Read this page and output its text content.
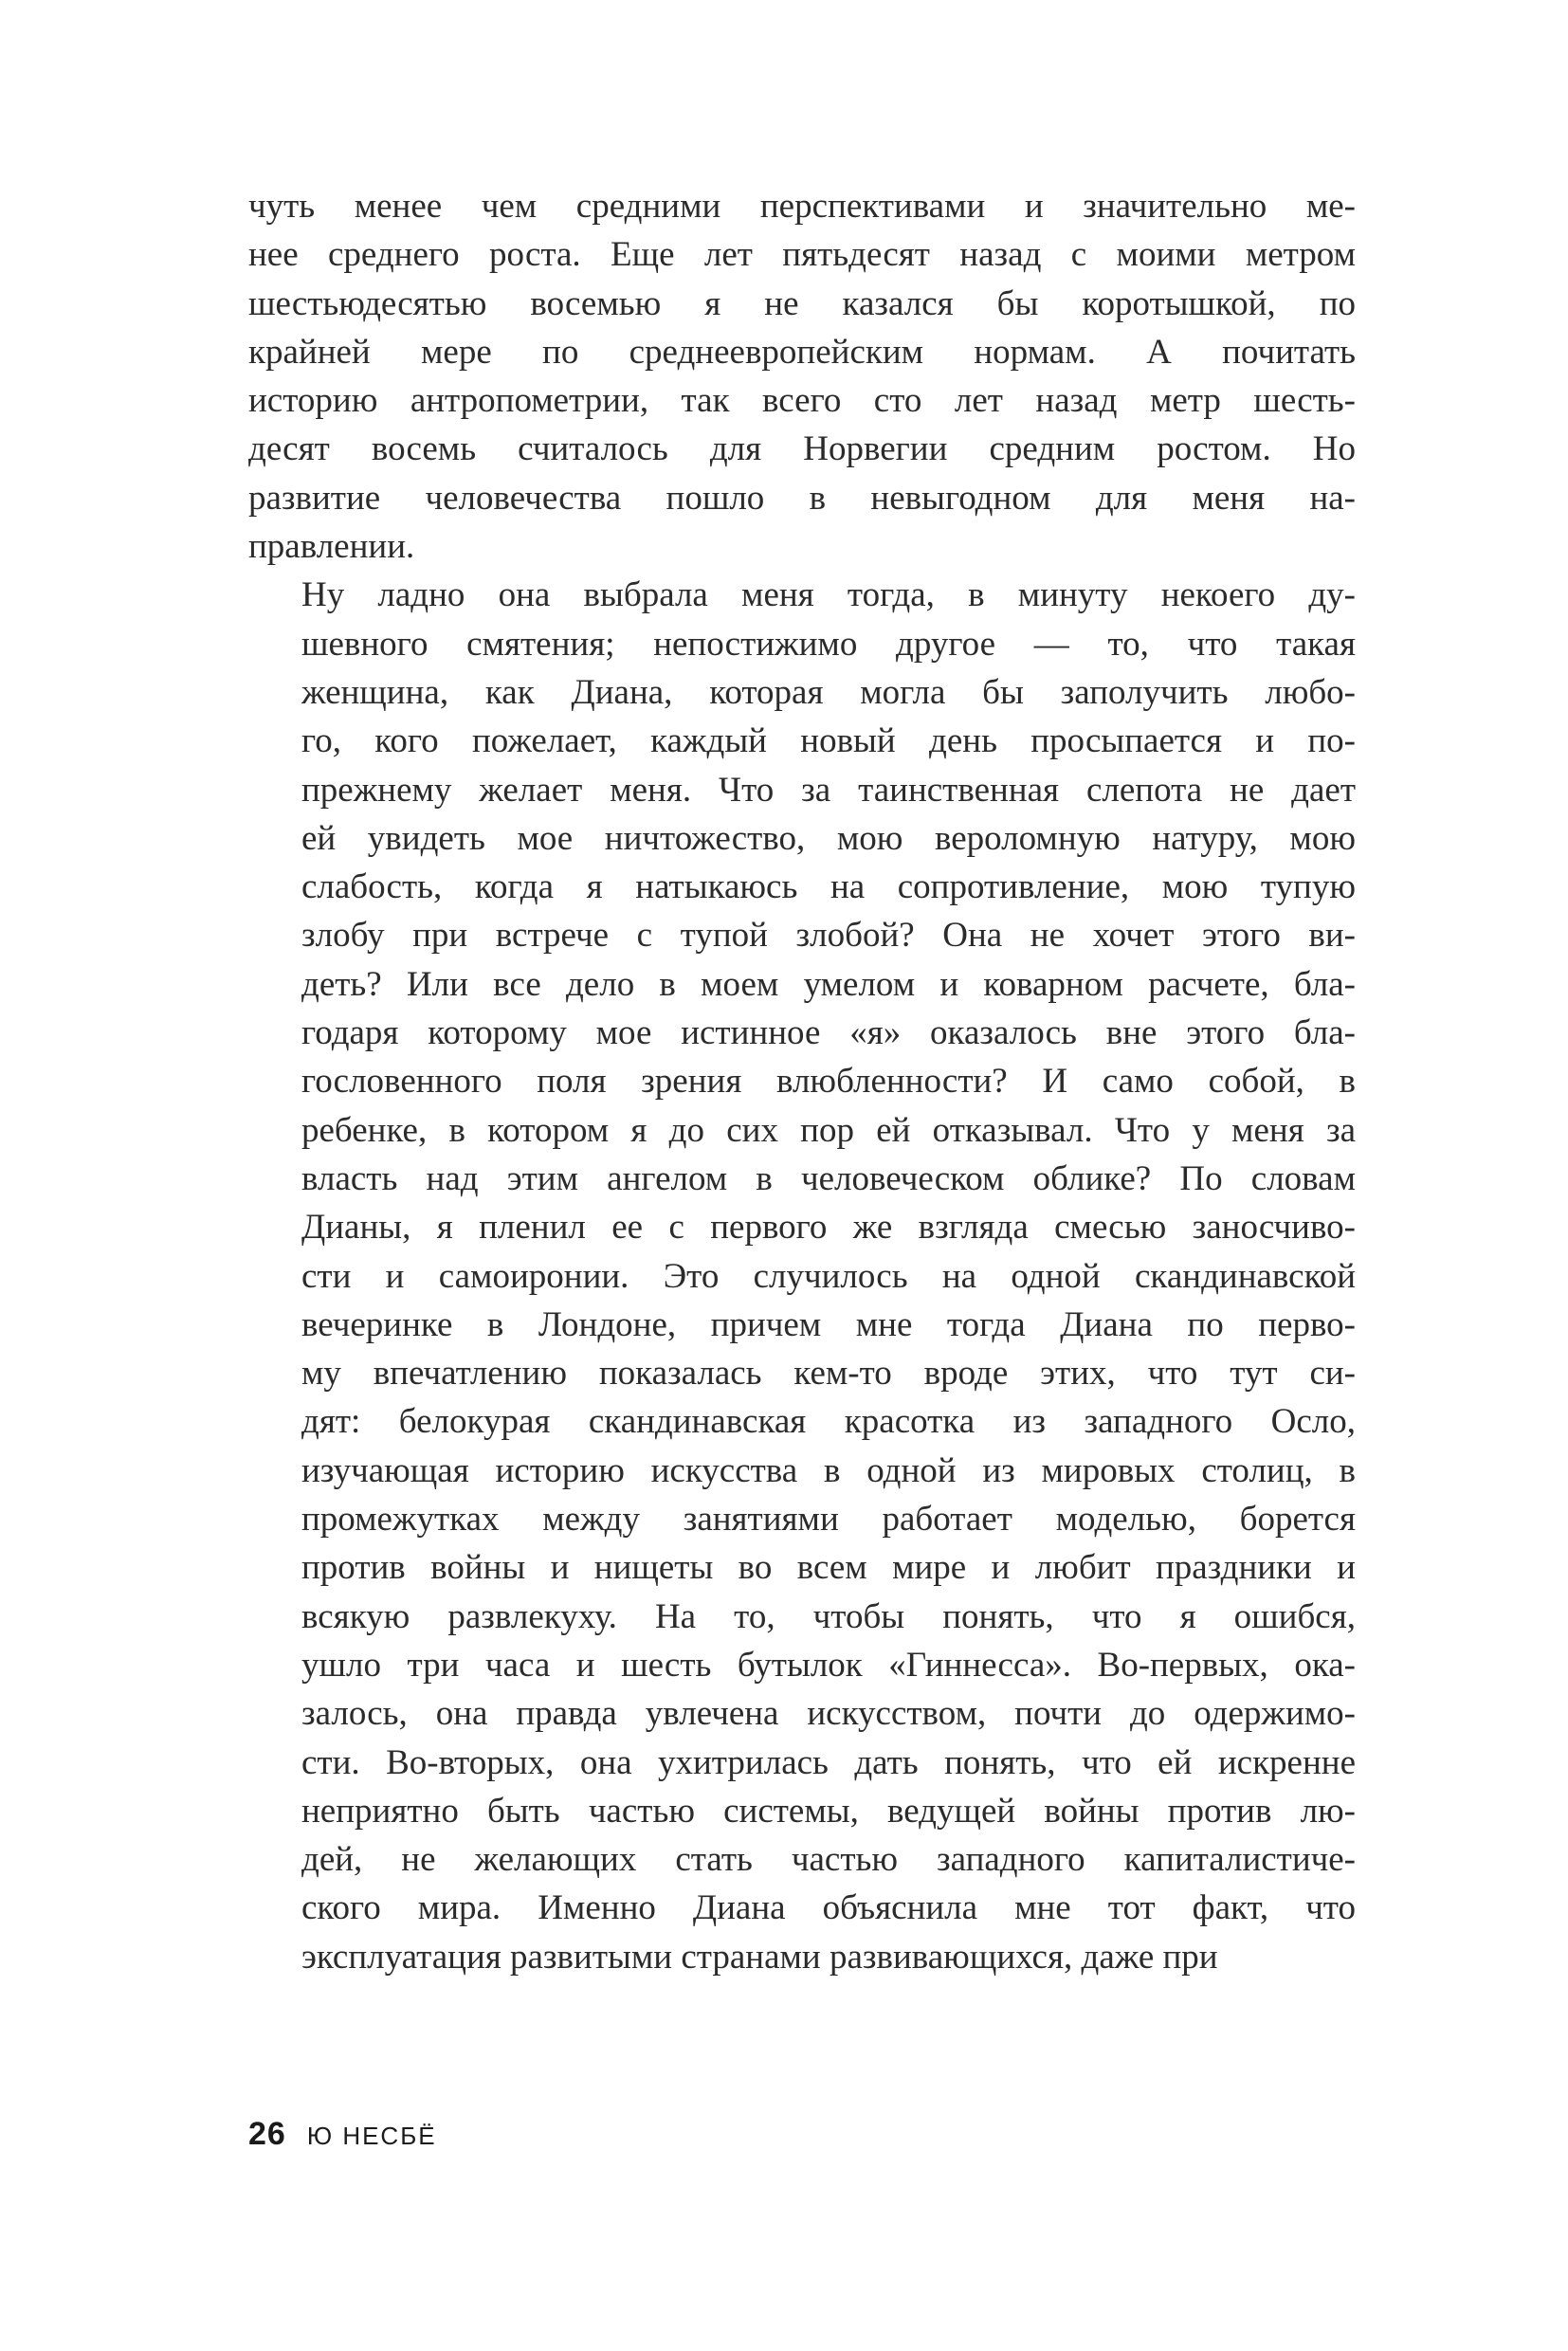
чуть менее чем средними перспективами и значительно ме-
нее среднего роста. Еще лет пятьдесят назад с моими метром
шестьюдесятью восемью я не казался бы коротышкой, по
крайней мере по среднеевропейским нормам. А почитать
историю антропометрии, так всего сто лет назад метр шесть-
десят восемь считалось для Норвегии средним ростом. Но
развитие человечества пошло в невыгодном для меня на-
правлении.

Ну ладно она выбрала меня тогда, в минуту некоего ду-
шевного смятения; непостижимо другое — то, что такая
женщина, как Диана, которая могла бы заполучить любо-
го, кого пожелает, каждый новый день просыпается и по-
прежнему желает меня. Что за таинственная слепота не дает
ей увидеть мое ничтожество, мою вероломную натуру, мою
слабость, когда я натыкаюсь на сопротивление, мою тупую
злобу при встрече с тупой злобой? Она не хочет этого ви-
деть? Или все дело в моем умелом и коварном расчете, бла-
годаря которому мое истинное «я» оказалось вне этого бла-
гословенного поля зрения влюбленности? И само собой, в
ребенке, в котором я до сих пор ей отказывал. Что у меня за
власть над этим ангелом в человеческом облике? По словам
Дианы, я пленил ее с первого же взгляда смесью заносчиво-
сти и самоиронии. Это случилось на одной скандинавской
вечеринке в Лондоне, причем мне тогда Диана по перво-
му впечатлению показалась кем-то вроде этих, что тут си-
дят: белокурая скандинавская красотка из западного Осло,
изучающая историю искусства в одной из мировых столиц, в
промежутках между занятиями работает моделью, борется
против войны и нищеты во всем мире и любит праздники и
всякую развлекуху. На то, чтобы понять, что я ошибся,
ушло три часа и шесть бутылок «Гиннесса». Во-первых, ока-
залось, она правда увлечена искусством, почти до одержимо-
сти. Во-вторых, она ухитрилась дать понять, что ей искренне
неприятно быть частью системы, ведущей войны против лю-
дей, не желающих стать частью западного капиталистиче-
ского мира. Именно Диана объяснила мне тот факт, что
эксплуатация развитыми странами развивающихся, даже при

26 Ю НЕСБЁ
